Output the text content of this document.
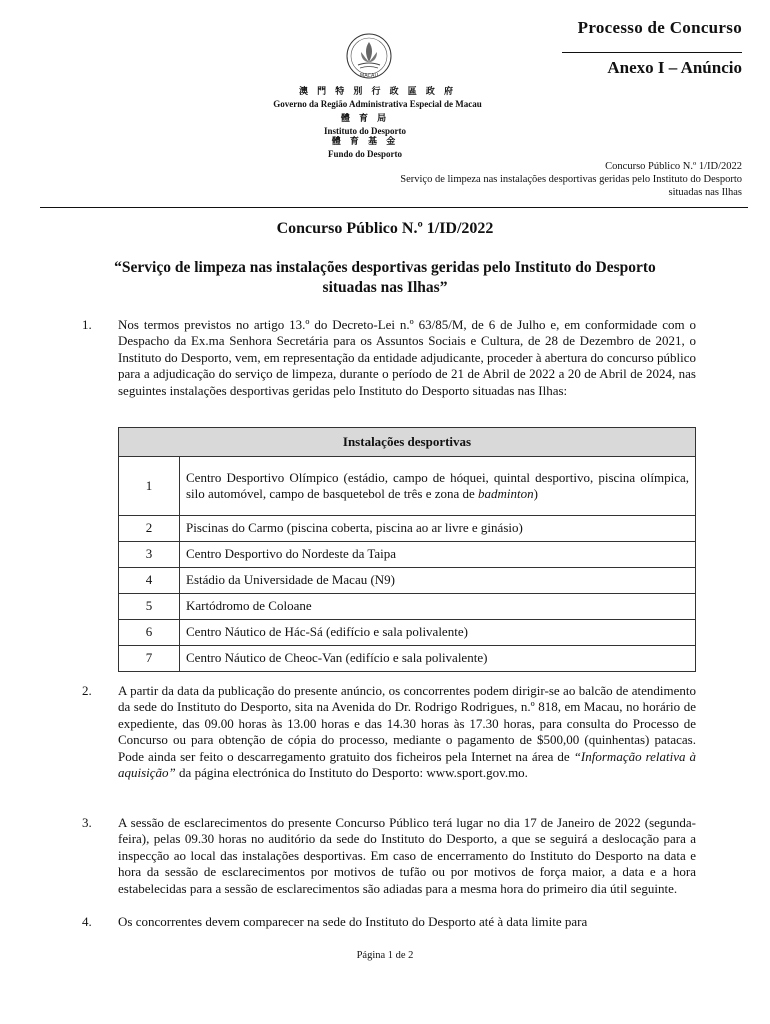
Processo de Concurso
Anexo I – Anúncio
MACAU
澳 門 特 別 行 政 區 政 府
Governo da Região Administrativa Especial de Macau
體 育 局
Instituto do Desporto
體 育 基 金
Fundo do Desporto
Concurso Público N.º 1/ID/2022
Serviço de limpeza nas instalações desportivas geridas pelo Instituto do Desporto
situadas nas Ilhas
Concurso Público N.º 1/ID/2022
“Serviço de limpeza nas instalações desportivas geridas pelo Instituto do Desporto situadas nas Ilhas”
1. Nos termos previstos no artigo 13.º do Decreto-Lei n.º 63/85/M, de 6 de Julho e, em conformidade com o Despacho da Ex.ma Senhora Secretária para os Assuntos Sociais e Cultura, de 28 de Dezembro de 2021, o Instituto do Desporto, vem, em representação da entidade adjudicante, proceder à abertura do concurso público para a adjudicação do serviço de limpeza, durante o período de 21 de Abril de 2022 a 20 de Abril de 2024, nas seguintes instalações desportivas geridas pelo Instituto do Desporto situadas nas Ilhas:
Instalações desportivas	
1	Centro Desportivo Olímpico (estádio, campo de hóquei, quintal desportivo, piscina olímpica, silo automóvel, campo de basquetebol de três e zona de badminton)
2	Piscinas do Carmo (piscina coberta, piscina ao ar livre e ginásio)
3	Centro Desportivo do Nordeste da Taipa
4	Estádio da Universidade de Macau (N9)
5	Kartódromo de Coloane
6	Centro Náutico de Hác-Sá (edifício e sala polivalente)
7	Centro Náutico de Cheoc-Van (edifício e sala polivalente)
2. A partir da data da publicação do presente anúncio, os concorrentes podem dirigir-se ao balcão de atendimento da sede do Instituto do Desporto, sita na Avenida do Dr. Rodrigo Rodrigues, n.º 818, em Macau, no horário de expediente, das 09.00 horas às 13.00 horas e das 14.30 horas às 17.30 horas, para consulta do Processo de Concurso ou para obtenção de cópia do processo, mediante o pagamento de $500,00 (quinhentas) patacas. Pode ainda ser feito o descarregamento gratuito dos ficheiros pela Internet na área de “Informação relativa à aquisição” da página electrónica do Instituto do Desporto: www.sport.gov.mo.
3. A sessão de esclarecimentos do presente Concurso Público terá lugar no dia 17 de Janeiro de 2022 (segunda-feira), pelas 09.30 horas no auditório da sede do Instituto do Desporto, a que se seguirá a deslocação para a inspecção ao local das instalações desportivas. Em caso de encerramento do Instituto do Desporto na data e hora da sessão de esclarecimentos por motivos de tufão ou por motivos de força maior, a data e a hora estabelecidas para a sessão de esclarecimentos são adiadas para a mesma hora do primeiro dia útil seguinte.
4. Os concorrentes devem comparecer na sede do Instituto do Desporto até à data limite para
Página 1 de 2
